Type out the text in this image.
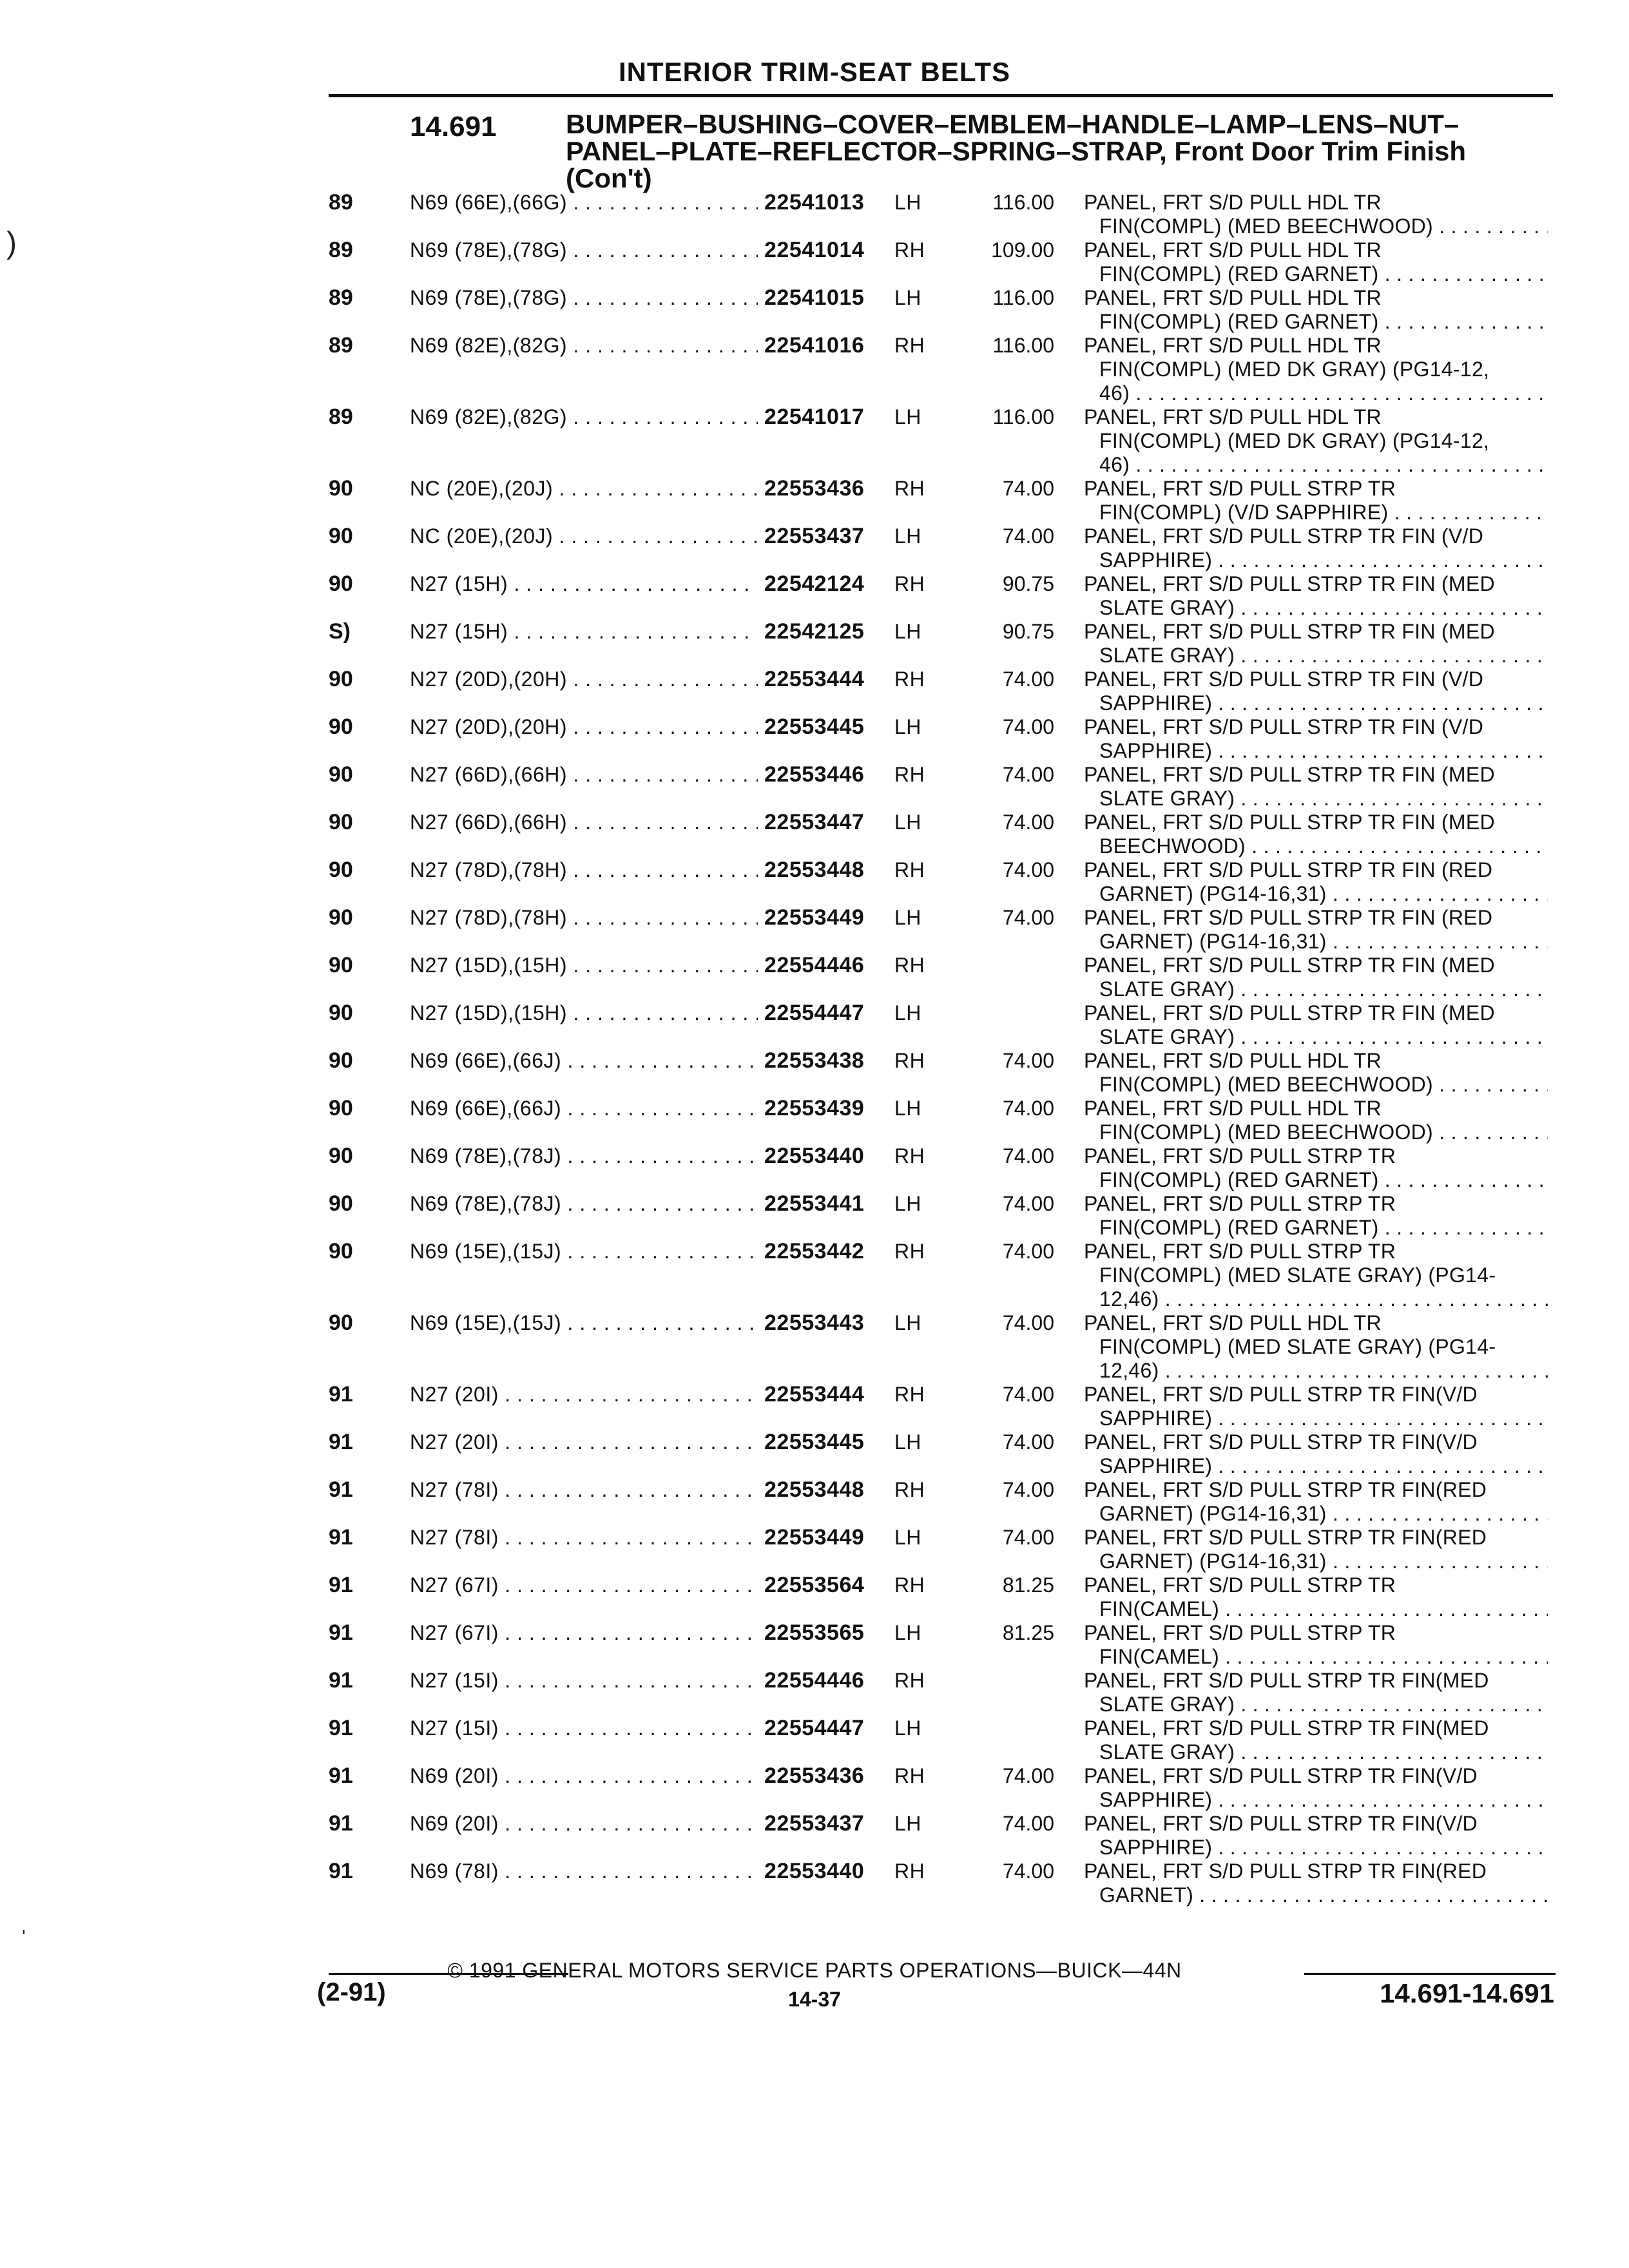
INTERIOR TRIM-SEAT BELTS
14.691	BUMPER–BUSHING–COVER–EMBLEM–HANDLE–LAMP–LENS–NUT–PANEL–PLATE–REFLECTOR–SPRING–STRAP, Front Door Trim Finish (Con't)
)
'
89	N69 (66E),(66G) . . .	22541013 LH	116.00 PANEL, FRT S/D PULL HDL TR
FIN(COMPL) (MED BEECHWOOD) . . .
89	N69 (78E),(78G) . . .	22541014 RH	109.00 PANEL, FRT S/D PULL HDL TR
FIN(COMPL) (RED GARNET) . . .
89	N69 (78E),(78G) . . .	22541015 LH	116.00 PANEL, FRT S/D PULL HDL TR
FIN(COMPL) (RED GARNET) . . .
89	N69 (82E),(82G) . . .	22541016 RH	116.00 PANEL, FRT S/D PULL HDL TR
FIN(COMPL) (MED DK GRAY) (PG14-12,
46) . . .
89	N69 (82E),(82G) . . .	22541017 LH	116.00 PANEL, FRT S/D PULL HDL TR
FIN(COMPL) (MED DK GRAY) (PG14-12,
46) . . .
90	NC (20E),(20J) . . .	22553436 RH	74.00 PANEL, FRT S/D PULL STRP TR
FIN(COMPL) (V/D SAPPHIRE) . . .
90	NC (20E),(20J) . . .	22553437 LH	74.00 PANEL, FRT S/D PULL STRP TR FIN (V/D
SAPPHIRE) . . .
90	N27 (15H) . . .	22542124 RH	90.75 PANEL, FRT S/D PULL STRP TR FIN (MED
SLATE GRAY) . . .
S)	N27 (15H) . . .	22542125 LH	90.75 PANEL, FRT S/D PULL STRP TR FIN (MED
SLATE GRAY) . . .
90	N27 (20D),(20H) . . .	22553444 RH	74.00 PANEL, FRT S/D PULL STRP TR FIN (V/D
SAPPHIRE) . . .
90	N27 (20D),(20H) . . .	22553445 LH	74.00 PANEL, FRT S/D PULL STRP TR FIN (V/D
SAPPHIRE) . . .
90	N27 (66D),(66H) . . .	22553446 RH	74.00 PANEL, FRT S/D PULL STRP TR FIN (MED
SLATE GRAY) . . .
90	N27 (66D),(66H) . . .	22553447 LH	74.00 PANEL, FRT S/D PULL STRP TR FIN (MED
BEECHWOOD) . . .
90	N27 (78D),(78H) . . .	22553448 RH	74.00 PANEL, FRT S/D PULL STRP TR FIN (RED
GARNET) (PG14-16,31) . . .
90	N27 (78D),(78H) . . .	22553449 LH	74.00 PANEL, FRT S/D PULL STRP TR FIN (RED
GARNET) (PG14-16,31) . . .
90	N27 (15D),(15H) . . .	22554446 RH	PANEL, FRT S/D PULL STRP TR FIN (MED
SLATE GRAY) . . .
90	N27 (15D),(15H) . . .	22554447 LH	PANEL, FRT S/D PULL STRP TR FIN (MED
SLATE GRAY) . . .
90	N69 (66E),(66J) . . .	22553438 RH	74.00 PANEL, FRT S/D PULL HDL TR
FIN(COMPL) (MED BEECHWOOD) . . .
90	N69 (66E),(66J) . . .	22553439 LH	74.00 PANEL, FRT S/D PULL HDL TR
FIN(COMPL) (MED BEECHWOOD) . . .
90	N69 (78E),(78J) . . .	22553440 RH	74.00 PANEL, FRT S/D PULL STRP TR
FIN(COMPL) (RED GARNET) . . .
90	N69 (78E),(78J) . . .	22553441 LH	74.00 PANEL, FRT S/D PULL STRP TR
FIN(COMPL) (RED GARNET) . . .
90	N69 (15E),(15J) . . .	22553442 RH	74.00 PANEL, FRT S/D PULL STRP TR
FIN(COMPL) (MED SLATE GRAY) (PG14-
12,46) . . .
90	N69 (15E),(15J) . . .	22553443 LH	74.00 PANEL, FRT S/D PULL HDL TR
FIN(COMPL) (MED SLATE GRAY) (PG14-
12,46) . . .
91	N27 (20I) . . .	22553444 RH	74.00 PANEL, FRT S/D PULL STRP TR FIN(V/D
SAPPHIRE) . . .
91	N27 (20I) . . .	22553445 LH	74.00 PANEL, FRT S/D PULL STRP TR FIN(V/D
SAPPHIRE) . . .
91	N27 (78I) . . .	22553448 RH	74.00 PANEL, FRT S/D PULL STRP TR FIN(RED
GARNET) (PG14-16,31) . . .
91	N27 (78I) . . .	22553449 LH	74.00 PANEL, FRT S/D PULL STRP TR FIN(RED
GARNET) (PG14-16,31) . . .
91	N27 (67I) . . .	22553564 RH	81.25 PANEL, FRT S/D PULL STRP TR
FIN(CAMEL) . . .
91	N27 (67I) . . .	22553565 LH	81.25 PANEL, FRT S/D PULL STRP TR
FIN(CAMEL) . . .
91	N27 (15I) . . .	22554446 RH	PANEL, FRT S/D PULL STRP TR FIN(MED
SLATE GRAY) . . .
91	N27 (15I) . . .	22554447 LH	PANEL, FRT S/D PULL STRP TR FIN(MED
SLATE GRAY) . . .
91	N69 (20I) . . .	22553436 RH	74.00 PANEL, FRT S/D PULL STRP TR FIN(V/D
SAPPHIRE) . . .
91	N69 (20I) . . .	22553437 LH	74.00 PANEL, FRT S/D PULL STRP TR FIN(V/D
SAPPHIRE) . . .
91	N69 (78I) . . .	22553440 RH	74.00 PANEL, FRT S/D PULL STRP TR FIN(RED
GARNET) . . .
© 1991 GENERAL MOTORS SERVICE PARTS OPERATIONS—BUICK—44N
(2-91)	14-37	14.691-14.691
